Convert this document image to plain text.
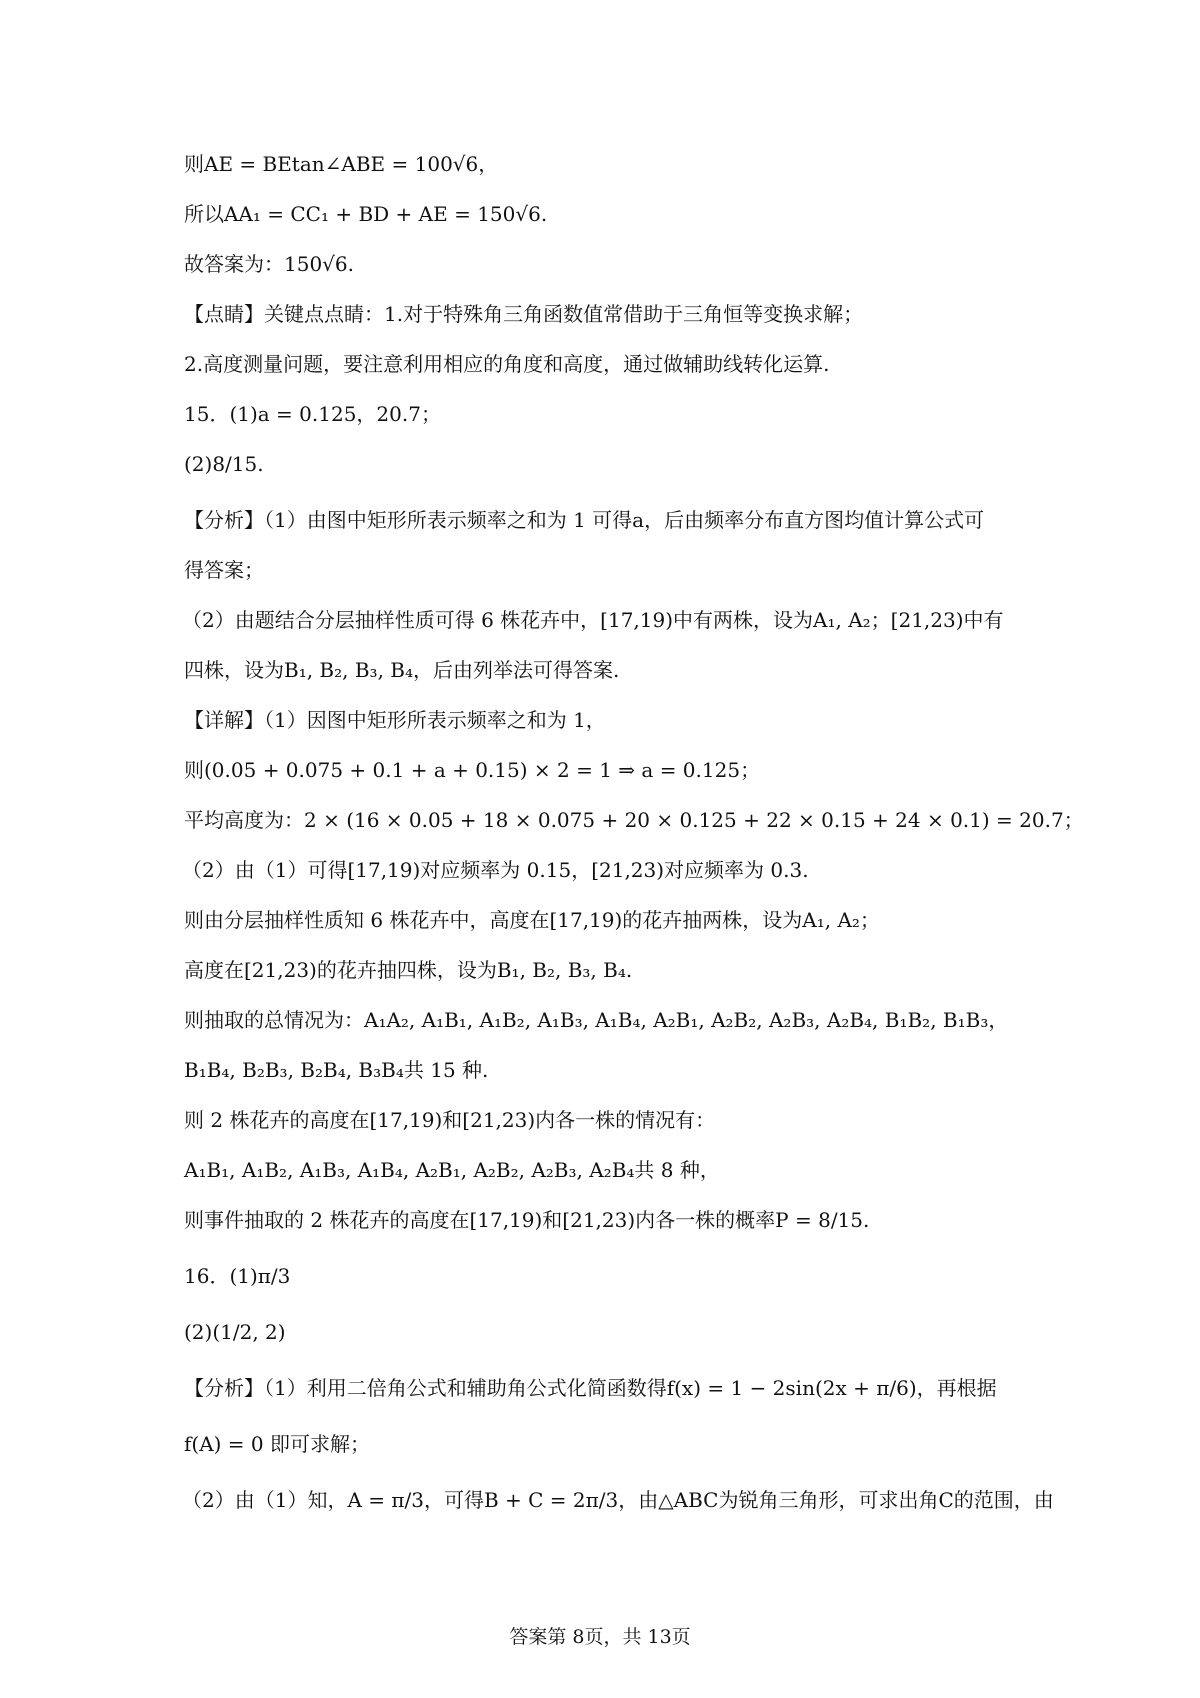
则AE = BEtan∠ABE = 100√6，
所以AA₁ = CC₁ + BD + AE = 150√6.
故答案为：150√6.
【点睛】关键点点睛：1.对于特殊角三角函数值常借助于三角恒等变换求解；
2.高度测量问题，要注意利用相应的角度和高度，通过做辅助线转化运算.
15．(1)a = 0.125，20.7；
(2)8/15.
【分析】（1）由图中矩形所表示频率之和为 1 可得a，后由频率分布直方图均值计算公式可
得答案；
（2）由题结合分层抽样性质可得 6 株花卉中，[17,19)中有两株，设为A₁, A₂；[21,23)中有
四株，设为B₁, B₂, B₃, B₄，后由列举法可得答案.
【详解】（1）因图中矩形所表示频率之和为 1，
则(0.05 + 0.075 + 0.1 + a + 0.15) × 2 = 1 ⇒ a = 0.125；
平均高度为：2 × (16 × 0.05 + 18 × 0.075 + 20 × 0.125 + 22 × 0.15 + 24 × 0.1) = 20.7；
（2）由（1）可得[17,19)对应频率为 0.15，[21,23)对应频率为 0.3.
则由分层抽样性质知 6 株花卉中，高度在[17,19)的花卉抽两株，设为A₁, A₂；
高度在[21,23)的花卉抽四株，设为B₁, B₂, B₃, B₄.
则抽取的总情况为：A₁A₂, A₁B₁, A₁B₂, A₁B₃, A₁B₄, A₂B₁, A₂B₂, A₂B₃, A₂B₄, B₁B₂, B₁B₃，
B₁B₄, B₂B₃, B₂B₄, B₃B₄共 15 种.
则 2 株花卉的高度在[17,19)和[21,23)内各一株的情况有：
A₁B₁, A₁B₂, A₁B₃, A₁B₄, A₂B₁, A₂B₂, A₂B₃, A₂B₄共 8 种，
则事件抽取的 2 株花卉的高度在[17,19)和[21,23)内各一株的概率P = 8/15.
16．(1)π/3
(2)(1/2, 2)
【分析】（1）利用二倍角公式和辅助角公式化简函数得f(x) = 1 − 2sin(2x + π/6)，再根据
f(A) = 0 即可求解；
（2）由（1）知，A = π/3，可得B + C = 2π/3，由△ABC为锐角三角形，可求出角C的范围，由
答案第 8页，共 13页
